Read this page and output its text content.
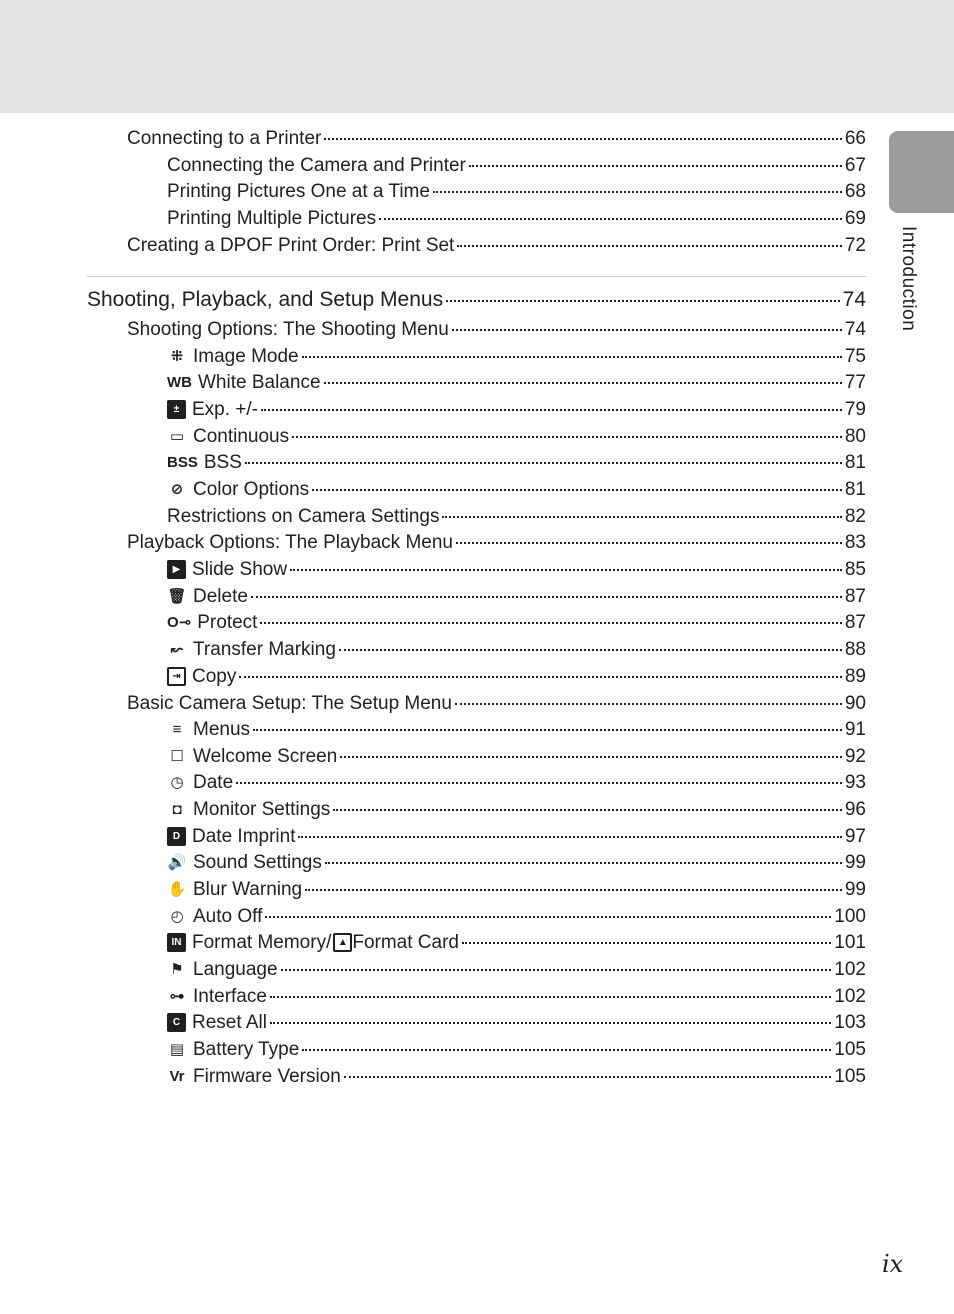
Introduction
Connecting to a Printer	66
Connecting the Camera and Printer	67
Printing Pictures One at a Time	68
Printing Multiple Pictures	69
Creating a DPOF Print Order: Print Set	72
Shooting, Playback, and Setup Menus	74
Shooting Options: The Shooting Menu	74
⁜ Image Mode	75
WB White Balance	77
± Exp. +/-	79
▭ Continuous	80
BSS BSS	81
⊘ Color Options	81
Restrictions on Camera Settings	82
Playback Options: The Playback Menu	83
▶ Slide Show	85
🗑 Delete	87
O⊸ Protect	87
↜ Transfer Marking	88
⇥ Copy	89
Basic Camera Setup: The Setup Menu	90
≡ Menus	91
☐ Welcome Screen	92
◷ Date	93
◘ Monitor Settings	96
D Date Imprint	97
🔊 Sound Settings	99
✋ Blur Warning	99
◴ Auto Off	100
IN Format Memory/ ▲ Format Card	101
⚑ Language	102
⊶ Interface	102
C Reset All	103
▤ Battery Type	105
Vr Firmware Version	105
ix
